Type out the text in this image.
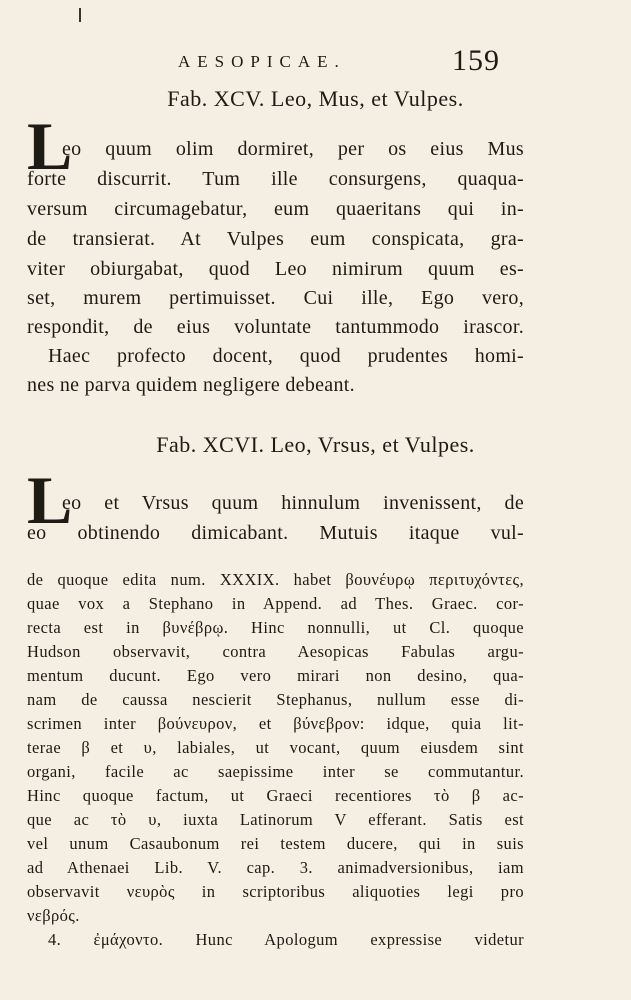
AESOPICAE.	159
Fab. XCV. Leo, Mus, et Vulpes.
L
eo quum olim dormiret, per os eius Mus
forte discurrit. Tum ille consurgens, quaqua-
versum circumagebatur, eum quaeritans qui in-
de transierat. At Vulpes eum conspicata, gra-
viter obiurgabat, quod Leo nimirum quum es-
set, murem pertimuisset. Cui ille, Ego vero,
respondit, de eius voluntate tantummodo irascor.
Haec profecto docent, quod prudentes homi-
nes ne parva quidem negligere debeant.
Fab. XCVI. Leo, Vrsus, et Vulpes.
L
eo et Vrsus quum hinnulum invenissent, de
eo obtinendo dimicabant. Mutuis itaque vul-
de quoque edita num. XXXIX. habet βουνέυρῳ περιτυχόντες,
quae vox a Stephano in Append. ad Thes. Graec. cor-
recta est in βυνέβρῳ. Hinc nonnulli, ut Cl. quoque
Hudson observavit, contra Aesopicas Fabulas argu-
mentum ducunt. Ego vero mirari non desino, qua-
nam de caussa nescierit Stephanus, nullum esse di-
scrimen inter βούνευρον, et βύνεβρον: idque, quia lit-
terae β et υ, labiales, ut vocant, quum eiusdem sint
organi, facile ac saepissime inter se commutantur.
Hinc quoque factum, ut Graeci recentiores τὸ β ac-
que ac τὸ υ, iuxta Latinorum V efferant. Satis est
vel unum Casaubonum rei testem ducere, qui in suis
ad Athenaei Lib. V. cap. 3. animadversionibus, iam
observavit νευρὸς in scriptoribus aliquoties legi pro
νεβρός.
4. ἐμάχοντο. Hunc Apologum expressise videtur
